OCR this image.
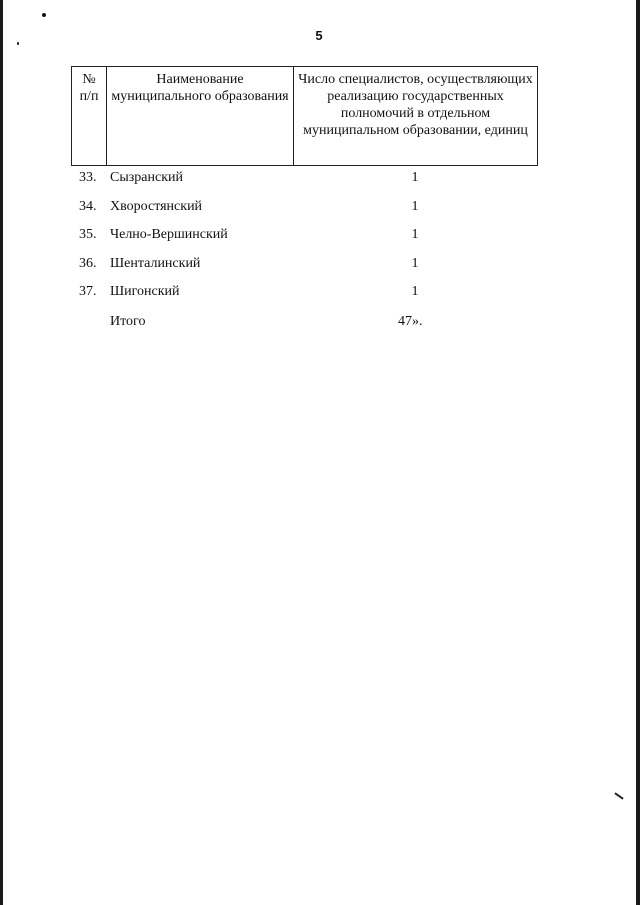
5
№ п/п	Наименование муниципального образования	Число специалистов, осуществляющих реализацию государственных полномочий в отдельном муниципальном образовании, единиц
33. Сызранский	1
34. Хворостянский	1
35. Челно-Вершинский	1
36. Шенталинский	1
37. Шигонский	1
Итого	47».
